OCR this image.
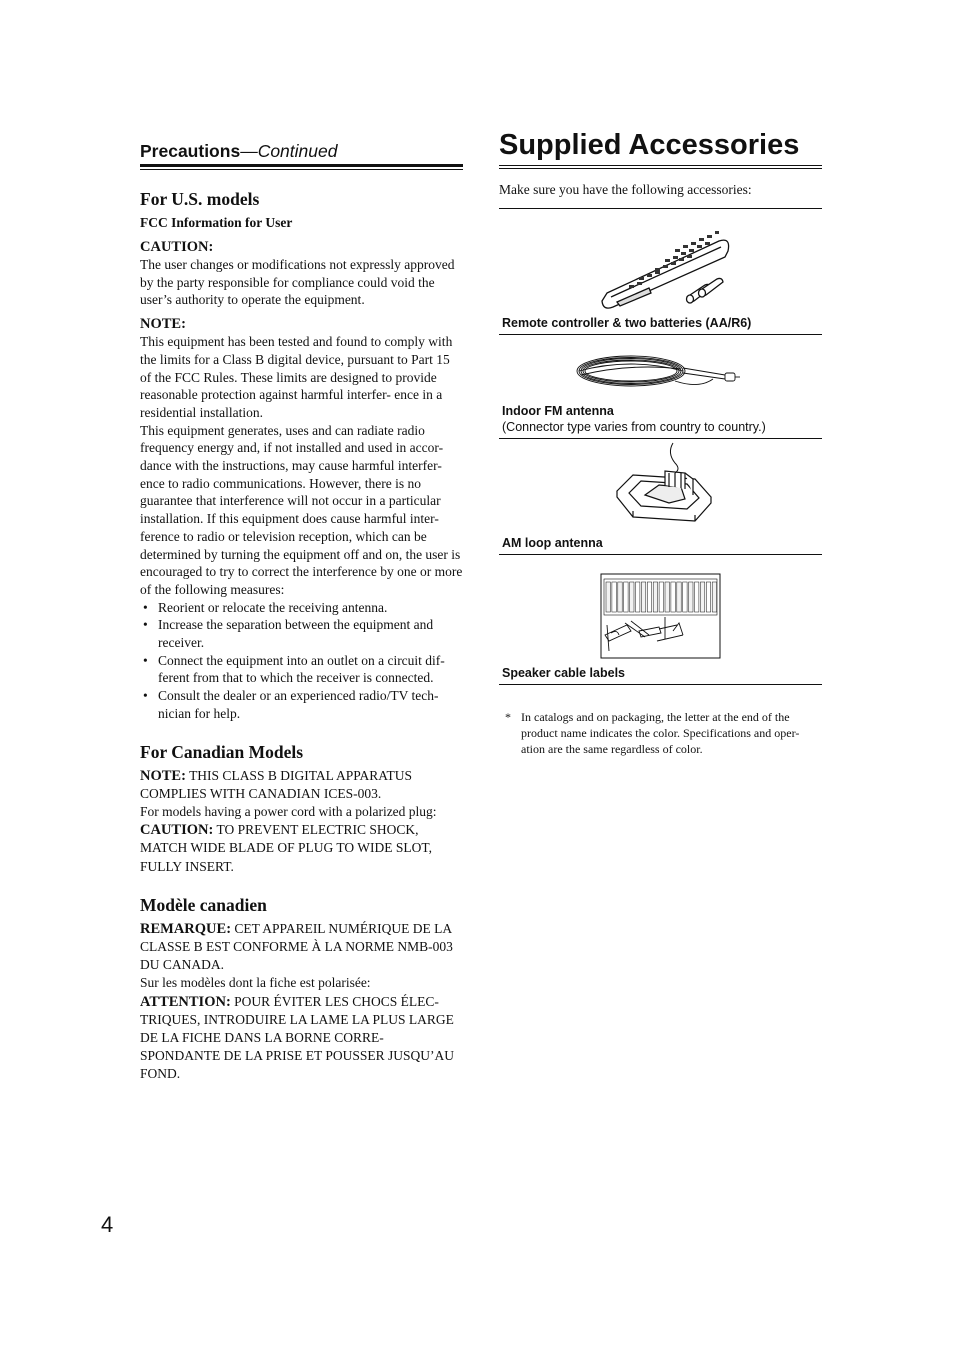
Precautions—Continued
For U.S. models
FCC Information for User
CAUTION:
The user changes or modifications not expressly approved by the party responsible for compliance could void the user’s authority to operate the equipment.
NOTE:
This equipment has been tested and found to comply with the limits for a Class B digital device, pursuant to Part 15 of the FCC Rules. These limits are designed to provide reasonable protection against harmful interfer- ence in a residential installation.
This equipment generates, uses and can radiate radio frequency energy and, if not installed and used in accor- dance with the instructions, may cause harmful interfer- ence to radio communications. However, there is no guarantee that interference will not occur in a particular installation. If this equipment does cause harmful inter- ference to radio or television reception, which can be determined by turning the equipment off and on, the user is encouraged to try to correct the interference by one or more of the following measures:
• Reorient or relocate the receiving antenna.
• Increase the separation between the equipment and receiver.
• Connect the equipment into an outlet on a circuit dif- ferent from that to which the receiver is connected.
• Consult the dealer or an experienced radio/TV tech- nician for help.
For Canadian Models
NOTE: THIS CLASS B DIGITAL APPARATUS COMPLIES WITH CANADIAN ICES-003.
For models having a power cord with a polarized plug:
CAUTION: TO PREVENT ELECTRIC SHOCK, MATCH WIDE BLADE OF PLUG TO WIDE SLOT, FULLY INSERT.
Modèle canadien
REMARQUE: CET APPAREIL NUMÉRIQUE DE LA CLASSE B EST CONFORME À LA NORME NMB-003 DU CANADA.
Sur les modèles dont la fiche est polarisée:
ATTENTION: POUR ÉVITER LES CHOCS ÉLEC- TRIQUES, INTRODUIRE LA LAME LA PLUS LARGE DE LA FICHE DANS LA BORNE CORRE- SPONDANTE DE LA PRISE ET POUSSER JUSQU’AU FOND.
Supplied Accessories
Make sure you have the following accessories:
Remote controller & two batteries (AA/R6)
Indoor FM antenna
(Connector type varies from country to country.)
AM loop antenna
Speaker cable labels
* In catalogs and on packaging, the letter at the end of the product name indicates the color. Specifications and oper- ation are the same regardless of color.
4
